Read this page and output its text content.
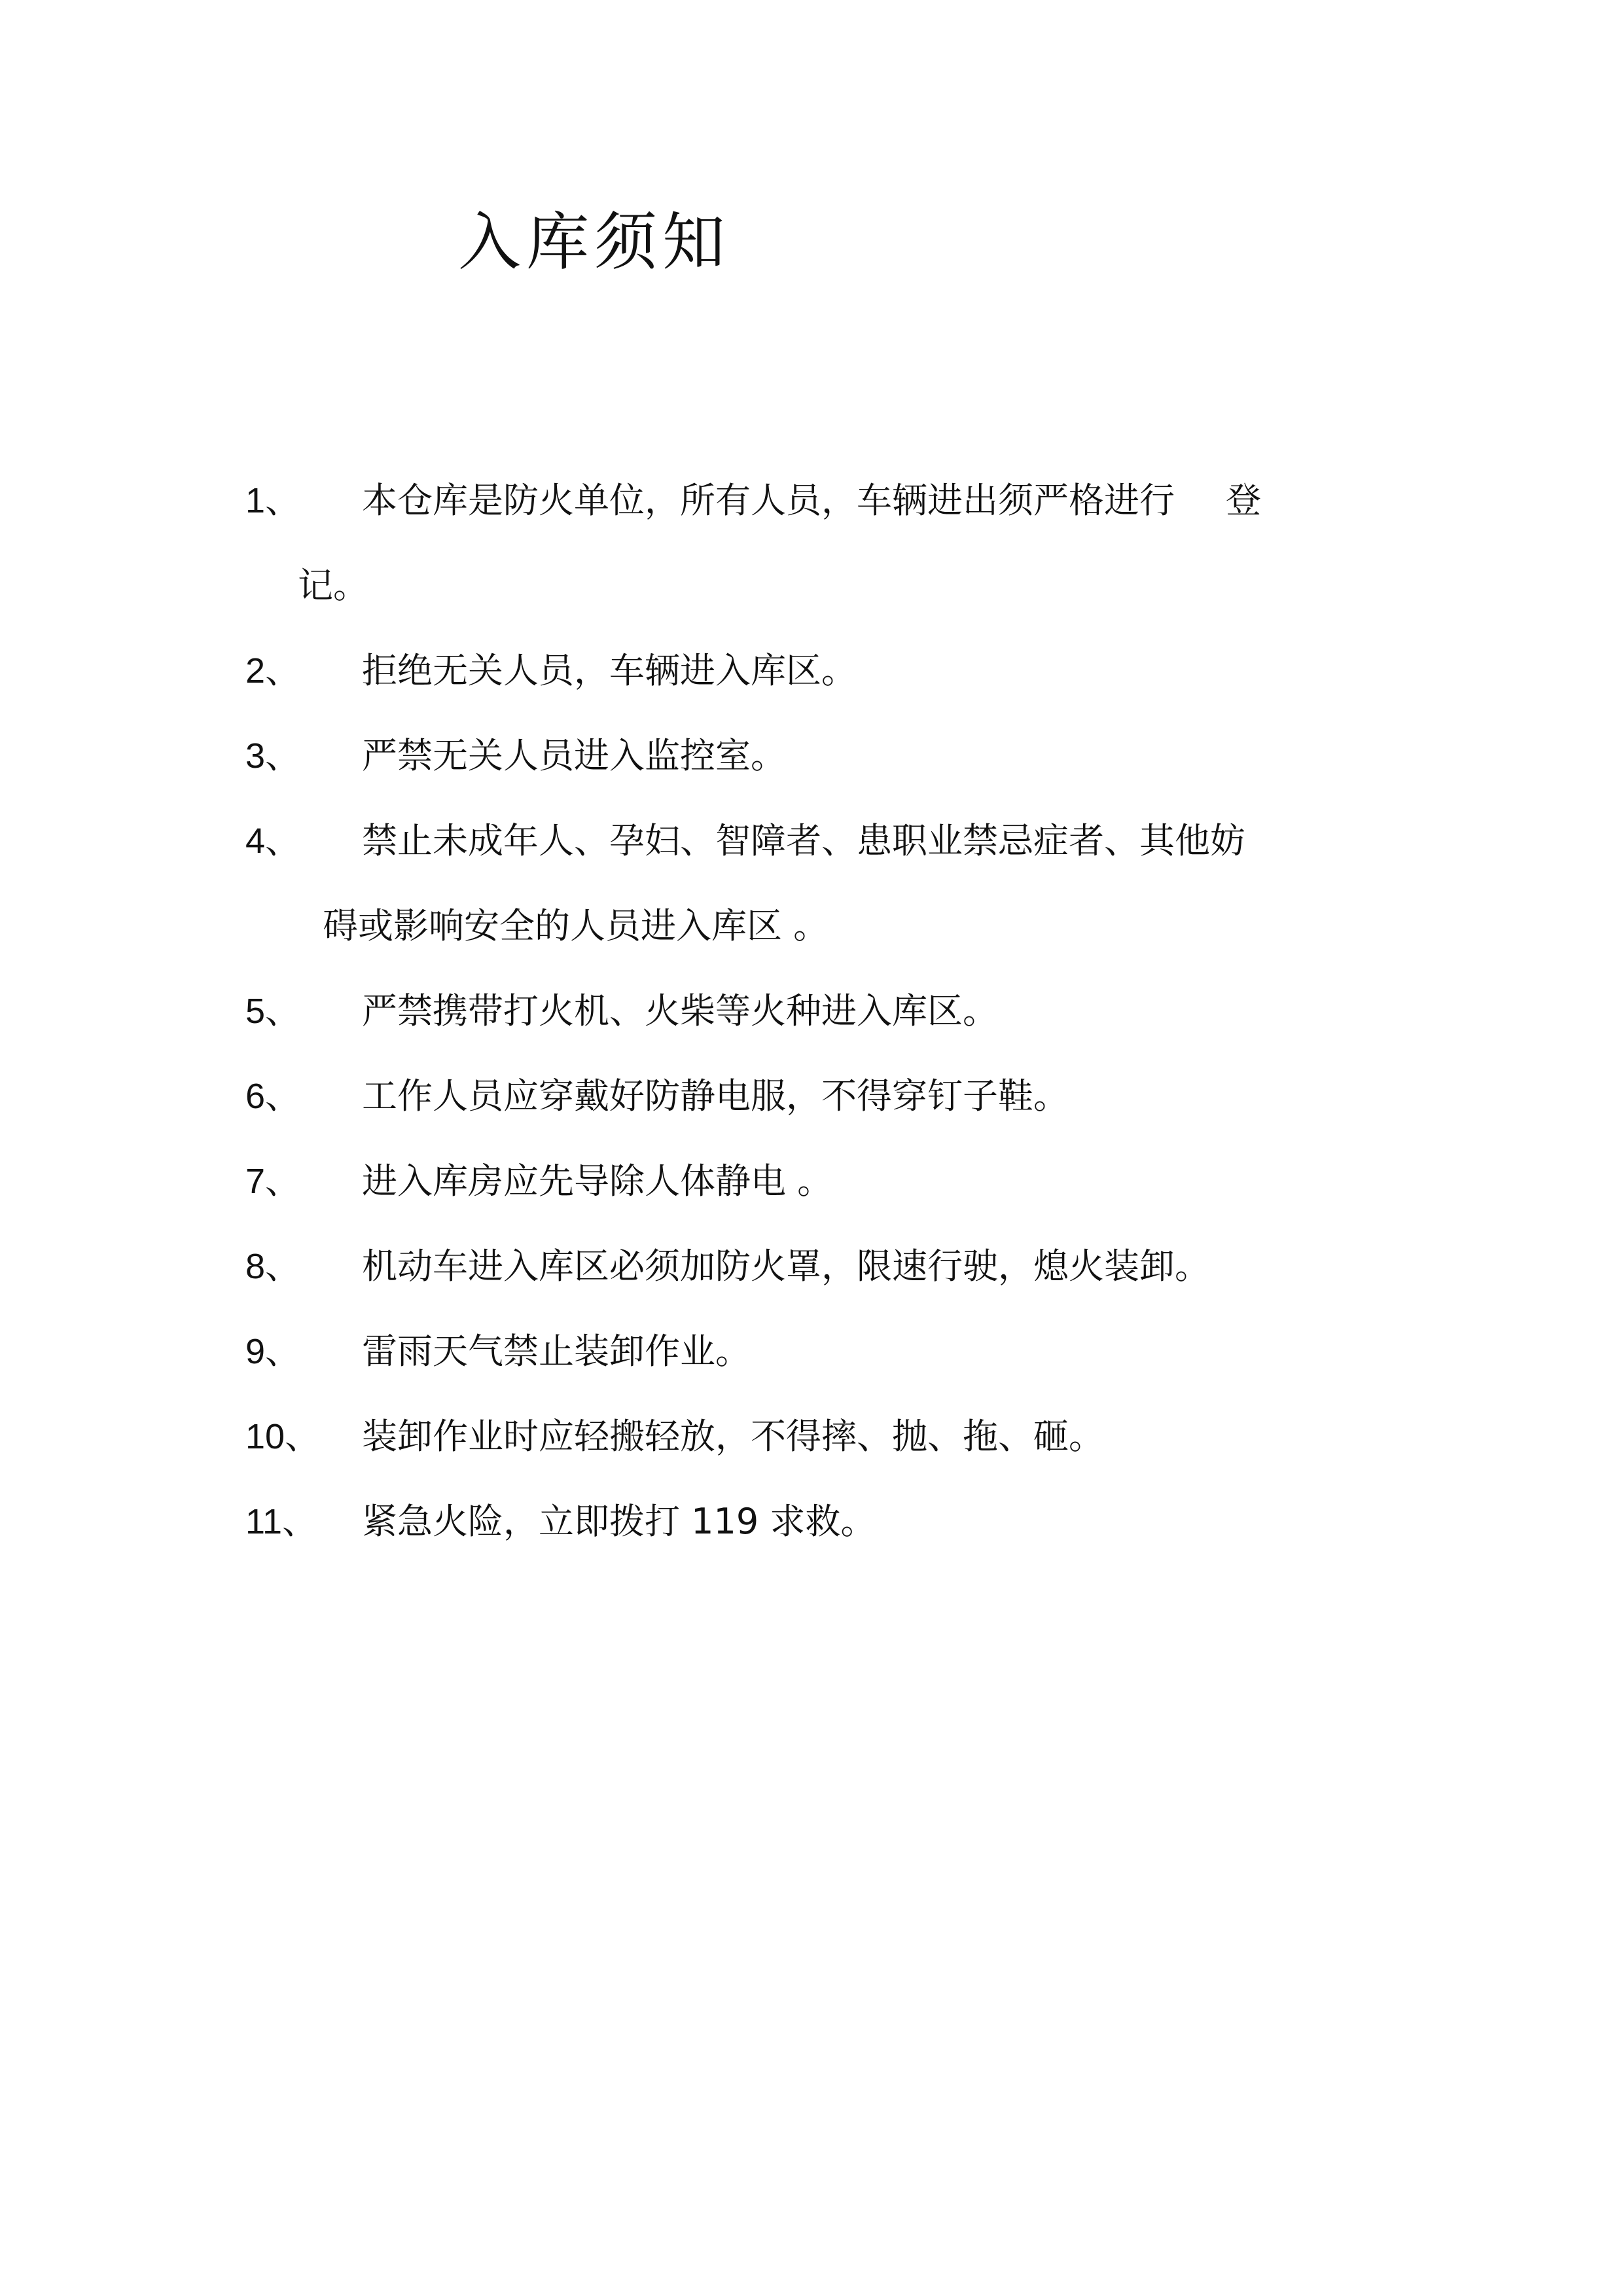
入库须知
1、	本仓库是防火单位，所有人员，车辆进出须严格进行 登
记。
2、	拒绝无关人员，车辆进入库区。
3、	严禁无关人员进入监控室。
4、	禁止未成年人、孕妇、智障者、患职业禁忌症者、其他妨
碍或影响安全的人员进入库区 。
5、	严禁携带打火机、火柴等火种进入库区。
6、	工作人员应穿戴好防静电服，不得穿钉子鞋。
7、	进入库房应先导除人体静电 。
8、	机动车进入库区必须加防火罩，限速行驶，熄火装卸。
9、	雷雨天气禁止装卸作业。
10、	装卸作业时应轻搬轻放，不得摔、抛、拖、砸。
11、	紧急火险，立即拨打 119 求救。
